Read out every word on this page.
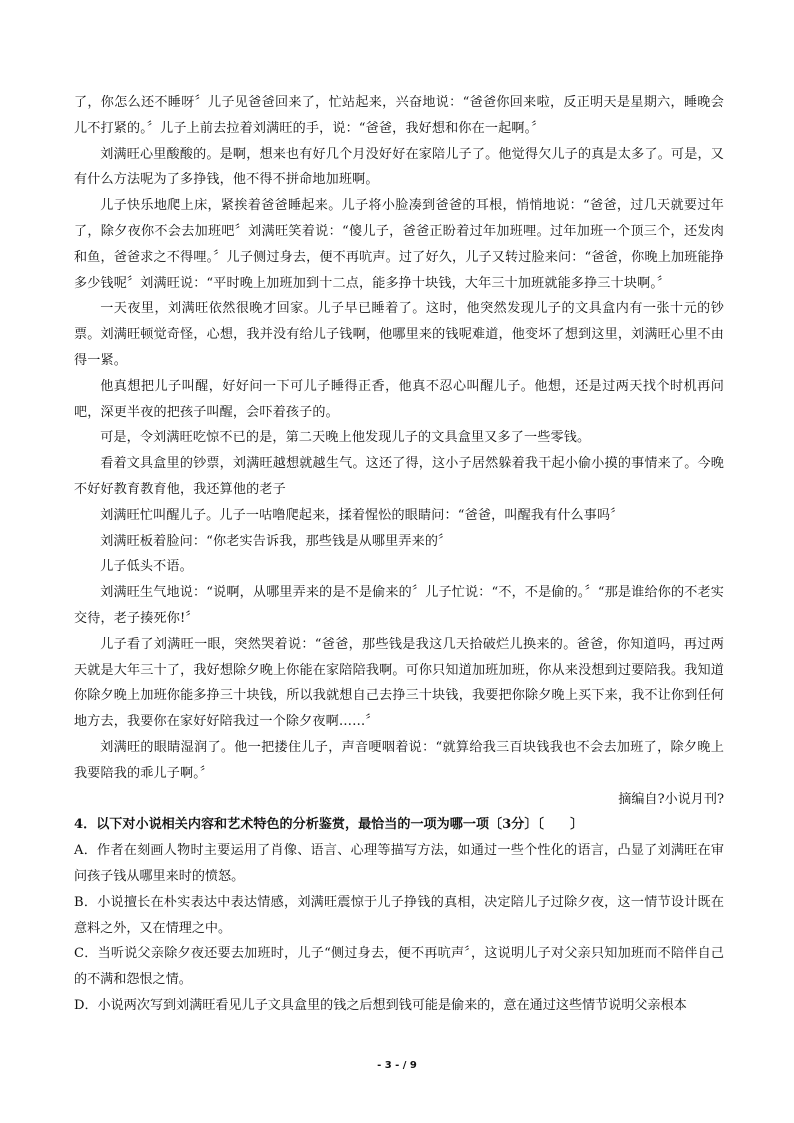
了，你怎么还不睡呀〞儿子见爸爸回来了，忙站起来，兴奋地说：“爸爸你回来啦，反正明天是星期六，睡晚会儿不打紧的。〞儿子上前去拉着刘满旺的手，说：“爸爸，我好想和你在一起啊。〞

刘满旺心里酸酸的。是啊，想来也有好几个月没好好在家陪儿子了。他觉得欠儿子的真是太多了。可是，又有什么方法呢为了多挣钱，他不得不拼命地加班啊。

儿子快乐地爬上床，紧挨着爸爸睡起来。儿子将小脸凑到爸爸的耳根，悄悄地说：“爸爸，过几天就要过年了，除夕夜你不会去加班吧〞刘满旺笑着说：“傻儿子，爸爸正盼着过年加班哩。过年加班一个顶三个，还发肉和鱼，爸爸求之不得哩。〞儿子侧过身去，便不再吭声。过了好久，儿子又转过脸来问：“爸爸，你晚上加班能挣多少钱呢〞刘满旺说：“平时晚上加班加到十二点，能多挣十块钱，大年三十加班就能多挣三十块啊。〞

一天夜里，刘满旺依然很晚才回家。儿子早已睡着了。这时，他突然发现儿子的文具盒内有一张十元的钞票。刘满旺顿觉奇怪，心想，我并没有给儿子钱啊，他哪里来的钱呢难道，他变坏了想到这里，刘满旺心里不由得一紧。

他真想把儿子叫醒，好好问一下可儿子睡得正香，他真不忍心叫醒儿子。他想，还是过两天找个时机再问吧，深更半夜的把孩子叫醒，会吓着孩子的。

可是，令刘满旺吃惊不已的是，第二天晚上他发现儿子的文具盒里又多了一些零钱。

看着文具盒里的钞票，刘满旺越想就越生气。这还了得，这小子居然躲着我干起小偷小摸的事情来了。今晚不好好教育教育他，我还算他的老子

刘满旺忙叫醒儿子。儿子一咕噜爬起来，揉着惺忪的眼睛问：“爸爸，叫醒我有什么事吗〞

刘满旺板着脸问：“你老实告诉我，那些钱是从哪里弄来的〞

儿子低头不语。

刘满旺生气地说：“说啊，从哪里弄来的是不是偷来的〞儿子忙说：“不，不是偷的。〞“那是谁给你的不老实交待，老子揍死你!〞

儿子看了刘满旺一眼，突然哭着说：“爸爸，那些钱是我这几天拾破烂儿换来的。爸爸，你知道吗，再过两天就是大年三十了，我好想除夕晚上你能在家陪陪我啊。可你只知道加班加班，你从来没想到过要陪我。我知道你除夕晚上加班你能多挣三十块钱，所以我就想自己去挣三十块钱，我要把你除夕晚上买下来，我不让你到任何地方去，我要你在家好好陪我过一个除夕夜啊……〞

刘满旺的眼睛湿润了。他一把搂住儿子，声音哽咽着说：“就算给我三百块钱我也不会去加班了，除夕晚上我要陪我的乖儿子啊。〞

摘编自?小说月刊?

4．以下对小说相关内容和艺术特色的分析鉴赏，最恰当的一项为哪一项〔3分〕〔　　〕

A．作者在刻画人物时主要运用了肖像、语言、心理等描写方法，如通过一些个性化的语言，凸显了刘满旺在审问孩子钱从哪里来时的愤怒。

B．小说擅长在朴实表达中表达情感，刘满旺震惊于儿子挣钱的真相，决定陪儿子过除夕夜，这一情节设计既在意料之外，又在情理之中。

C．当听说父亲除夕夜还要去加班时，儿子“侧过身去，便不再吭声〞，这说明儿子对父亲只知加班而不陪伴自己的不满和怨恨之情。

D．小说两次写到刘满旺看见儿子文具盒里的钱之后想到钱可能是偷来的，意在通过这些情节说明父亲根本

- 3 - / 9
